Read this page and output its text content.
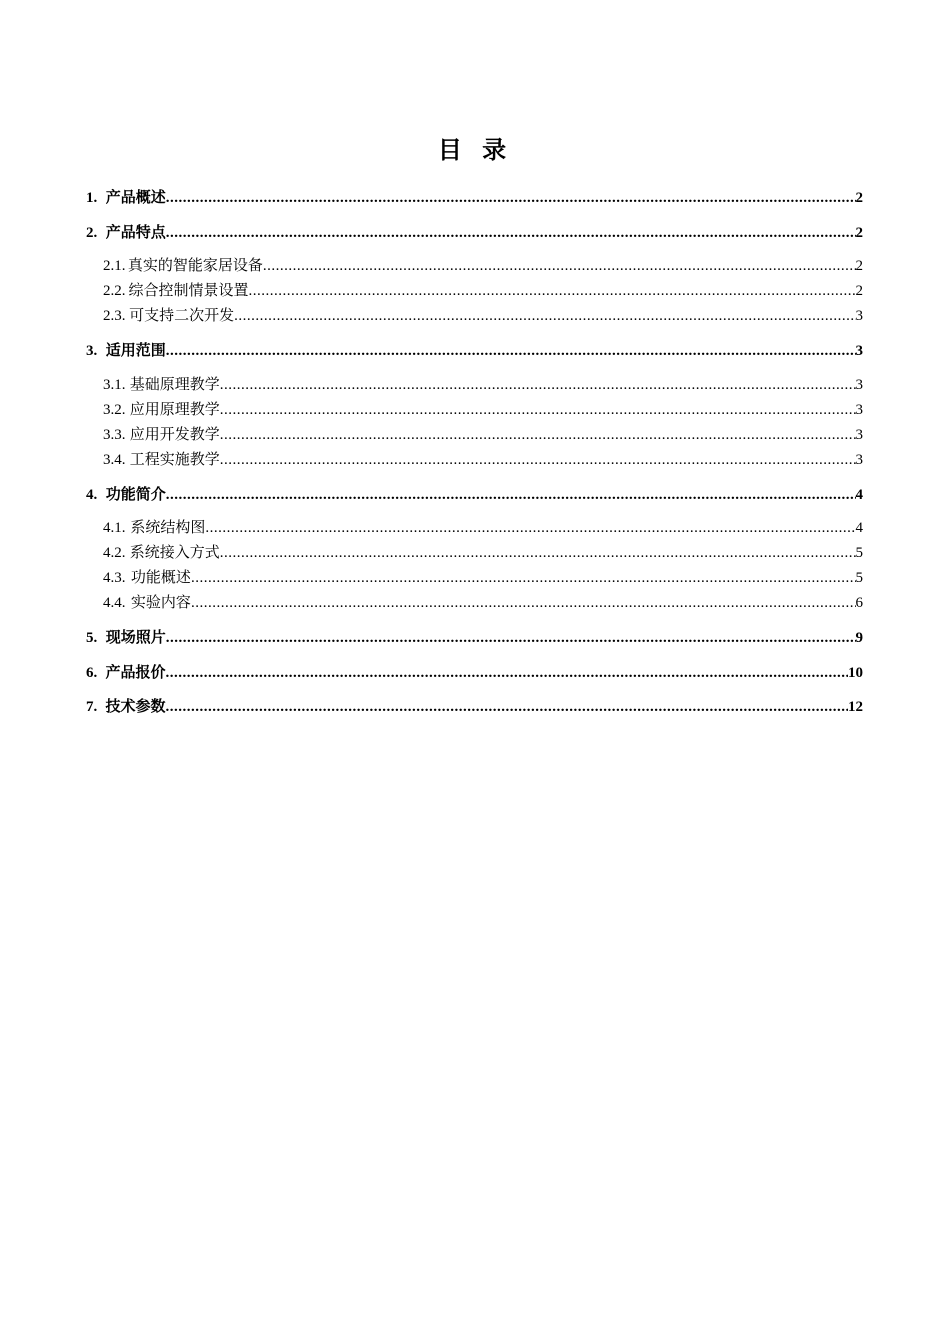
目 录
1. 产品概述 .....	2
2. 产品特点 .....	2
2.1. 真实的智能家居设备 .....	2
2.2. 综合控制情景设置 .....	2
2.3. 可支持二次开发 .....	3
3. 适用范围 .....	3
3.1. 基础原理教学 .....	3
3.2. 应用原理教学 .....	3
3.3. 应用开发教学 .....	3
3.4. 工程实施教学 .....	3
4. 功能简介 .....	4
4.1. 系统结构图 .....	4
4.2. 系统接入方式 .....	5
4.3. 功能概述 .....	5
4.4. 实验内容 .....	6
5. 现场照片 .....	9
6. 产品报价 .....	10
7. 技术参数 .....	12
